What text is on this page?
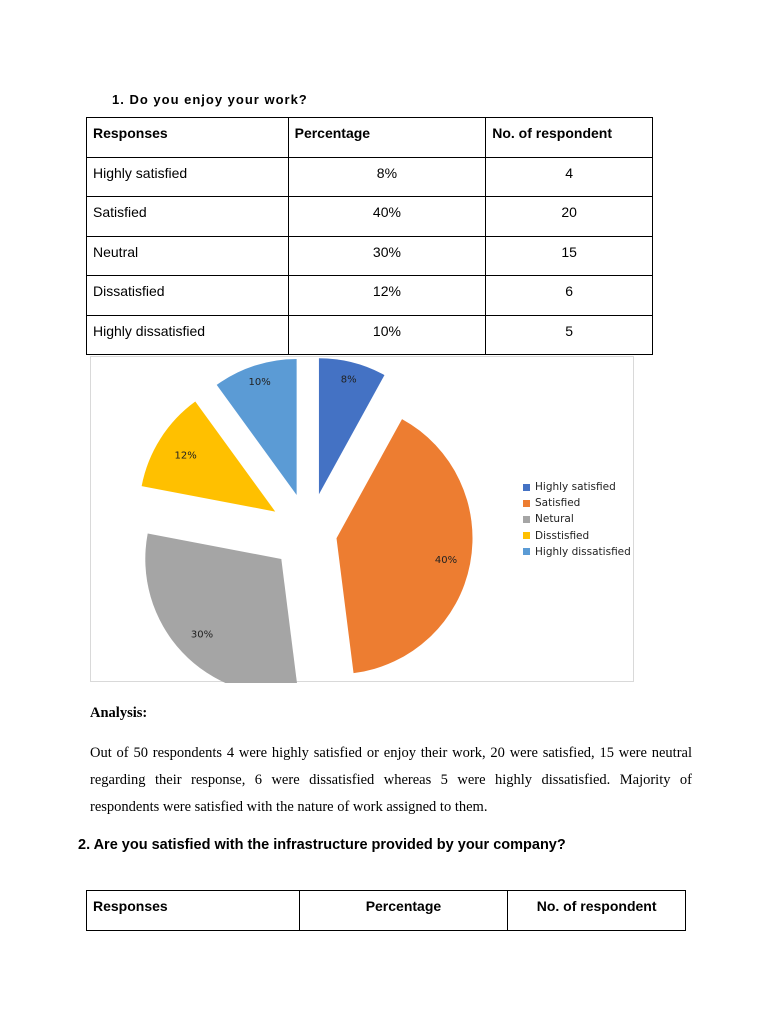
1. Do you enjoy your work?
Responses	Percentage	No. of respondent
Highly satisfied	8%	4
Satisfied	40%	20
Neutral	30%	15
Dissatisfied	12%	6
Highly dissatisfied	10%	5
8%
40%
30%
12%
10%
Highly satisfied
Satisfied
Netural
Disstisfied
Highly dissatisfied
Analysis:
Out of 50 respondents 4 were highly satisfied or enjoy their work, 20 were satisfied, 15 were neutral regarding their response, 6 were dissatisfied whereas 5 were highly dissatisfied. Majority of respondents were satisfied with the nature of work assigned to them.
2. Are you satisfied with the infrastructure provided by your company?
Responses	Percentage	No. of respondent
